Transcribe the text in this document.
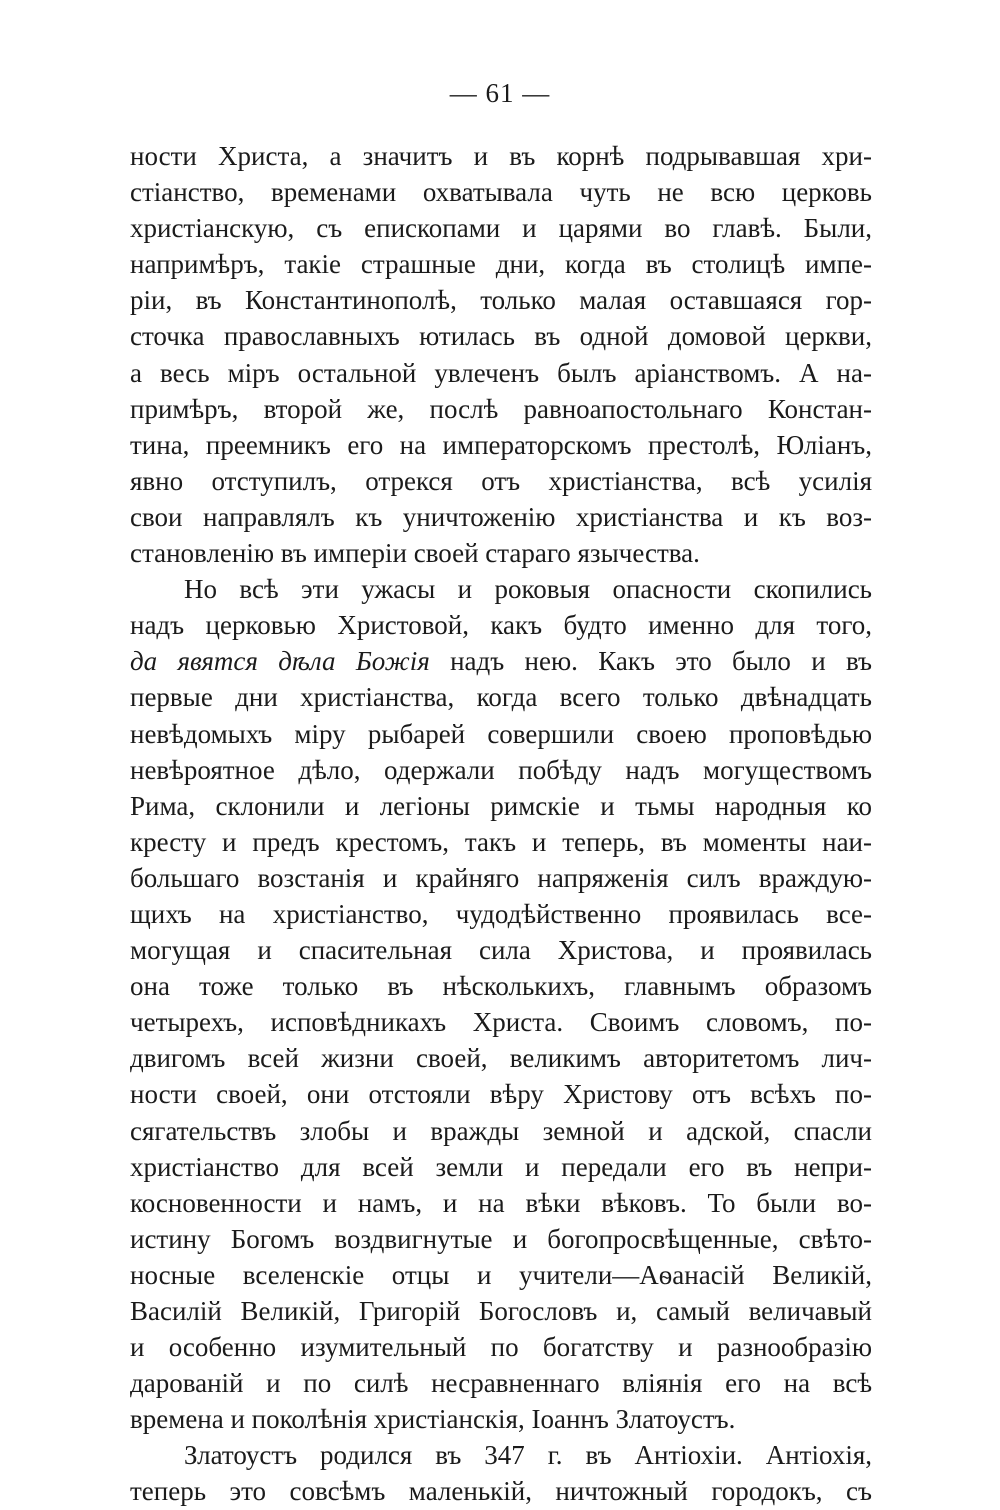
— 61 —
ности Христа, а значитъ и въ корнѣ подрывавшая хри-
стіанство, временами охватывала чуть не всю церковь
христіанскую, съ епископами и царями во главѣ. Были,
напримѣръ, такіе страшные дни, когда въ столицѣ импе-
ріи, въ Константинополѣ, только малая оставшаяся гор-
сточка православныхъ ютилась въ одной домовой церкви,
а весь міръ остальной увлеченъ былъ аріанствомъ. А на-
примѣръ, второй же, послѣ равноапостольнаго Констан-
тина, преемникъ его на императорскомъ престолѣ, Юліанъ,
явно отступилъ, отрекся отъ христіанства, всѣ усилія
свои направлялъ къ уничтоженію христіанства и къ воз-
становленію въ имперіи своей стараго язычества.
Но всѣ эти ужасы и роковыя опасности скопились
надъ церковью Христовой, какъ будто именно для того,
да явятся дѣла Божія надъ нею. Какъ это было и въ
первые дни христіанства, когда всего только двѣнадцать
невѣдомыхъ міру рыбарей совершили своею проповѣдью
невѣроятное дѣло, одержали побѣду надъ могуществомъ
Рима, склонили и легіоны римскіе и тьмы народныя ко
кресту и предъ крестомъ, такъ и теперь, въ моменты наи-
большаго возстанія и крайняго напряженія силъ враждую-
щихъ на христіанство, чудодѣйственно проявилась все-
могущая и спасительная сила Христова, и проявилась
она тоже только въ нѣсколькихъ, главнымъ образомъ
четырехъ, исповѣдникахъ Христа. Своимъ словомъ, по-
двигомъ всей жизни своей, великимъ авторитетомъ лич-
ности своей, они отстояли вѣру Христову отъ всѣхъ по-
сягательствъ злобы и вражды земной и адской, спасли
христіанство для всей земли и передали его въ непри-
косновенности и намъ, и на вѣки вѣковъ. То были во-
истину Богомъ воздвигнутые и богопросвѣщенные, свѣто-
носные вселенскіе отцы и учители—Аѳанасій Великій,
Василій Великій, Григорій Богословъ и, самый величавый
и особенно изумительный по богатству и разнообразію
дарованій и по силѣ несравненнаго вліянія его на всѣ
времена и поколѣнія христіанскія, Іоаннъ Златоустъ.
Златоустъ родился въ 347 г. въ Антіохіи. Антіохія,
теперь это совсѣмъ маленькій, ничтожный городокъ, съ
